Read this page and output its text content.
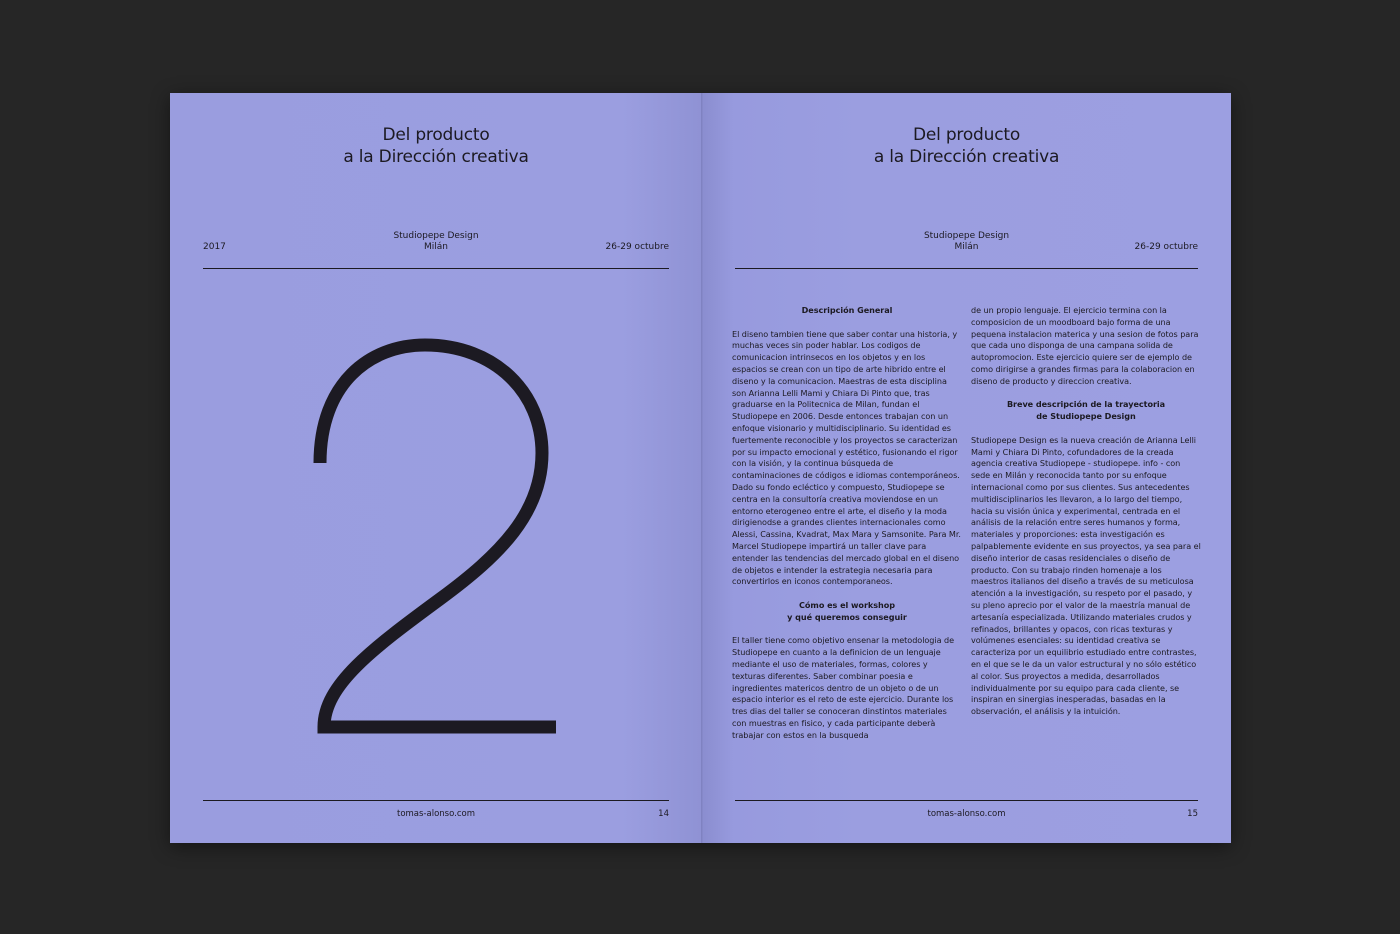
Del producto
a la Dirección creativa
Studiopepe Design
Milán
2017	26-29 octubre
tomas-alonso.com	14
Del producto
a la Dirección creativa
Studiopepe Design
Milán	26-29 octubre
Descripción General

El diseno tambien tiene que saber contar una historia, y muchas veces sin poder hablar. Los codigos de comunicacion intrinsecos en los objetos y en los espacios se crean con un tipo de arte hibrido entre el diseno y la comunicacion. Maestras de esta disciplina son Arianna Lelli Mami y Chiara Di Pinto que, tras graduarse en la Politecnica de Milan, fundan el Studiopepe en 2006. Desde entonces trabajan con un enfoque visionario y multidisciplinario. Su identidad es fuertemente reconocible y los proyectos se caracterizan por su impacto emocional y estético, fusionando el rigor con la visión, y la continua búsqueda de contaminaciones de códigos e idiomas contemporáneos. Dado su fondo ecléctico y compuesto, Studiopepe se centra en la consultoría creativa moviendose en un entorno eterogeneo entre el arte, el diseño y la moda dirigienodse a grandes clientes internacionales como Alessi, Cassina, Kvadrat, Max Mara y Samsonite. Para Mr. Marcel Studiopepe impartirá un taller clave para entender las tendencias del mercado global en el diseno de objetos e intender la estrategia necesaria para convertirlos en iconos contemporaneos.

Cómo es el workshop
y qué queremos conseguir

El taller tiene como objetivo ensenar la metodologia de Studiopepe en cuanto a la definicion de un lenguaje mediante el uso de materiales, formas, colores y texturas diferentes. Saber combinar poesia e ingredientes matericos dentro de un objeto o de un espacio interior es el reto de este ejercicio. Durante los tres dias del taller se conoceran dinstintos materiales con muestras en fisico, y cada participante deberà trabajar con estos en la busqueda

de un propio lenguaje. El ejercicio termina con la composicion de un moodboard bajo forma de una pequena instalacion materica y una sesion de fotos para que cada uno disponga de una campana solida de autopromocion. Este ejercicio quiere ser de ejemplo de como dirigirse a grandes firmas para la colaboracion en diseno de producto y direccion creativa.

Breve descripción de la trayectoria
de Studiopepe Design

Studiopepe Design es la nueva creación de Arianna Lelli Mami y Chiara Di Pinto, cofundadores de la creada agencia creativa Studiopepe - studiopepe. info - con sede en Milán y reconocida tanto por su enfoque internacional como por sus clientes. Sus antecedentes multidisciplinarios les llevaron, a lo largo del tiempo, hacia su visión única y experimental, centrada en el análisis de la relación entre seres humanos y forma, materiales y proporciones: esta investigación es palpablemente evidente en sus proyectos, ya sea para el diseño interior de casas residenciales o diseño de producto. Con su trabajo rinden homenaje a los maestros italianos del diseño a través de su meticulosa atención a la investigación, su respeto por el pasado, y su pleno aprecio por el valor de la maestría manual de artesanía especializada. Utilizando materiales crudos y refinados, brillantes y opacos, con ricas texturas y volúmenes esenciales: su identidad creativa se caracteriza por un equilibrio estudiado entre contrastes, en el que se le da un valor estructural y no sólo estético al color. Sus proyectos a medida, desarrollados individualmente por su equipo para cada cliente, se inspiran en sinergias inesperadas, basadas en la observación, el análisis y la intuición.

tomas-alonso.com	15
